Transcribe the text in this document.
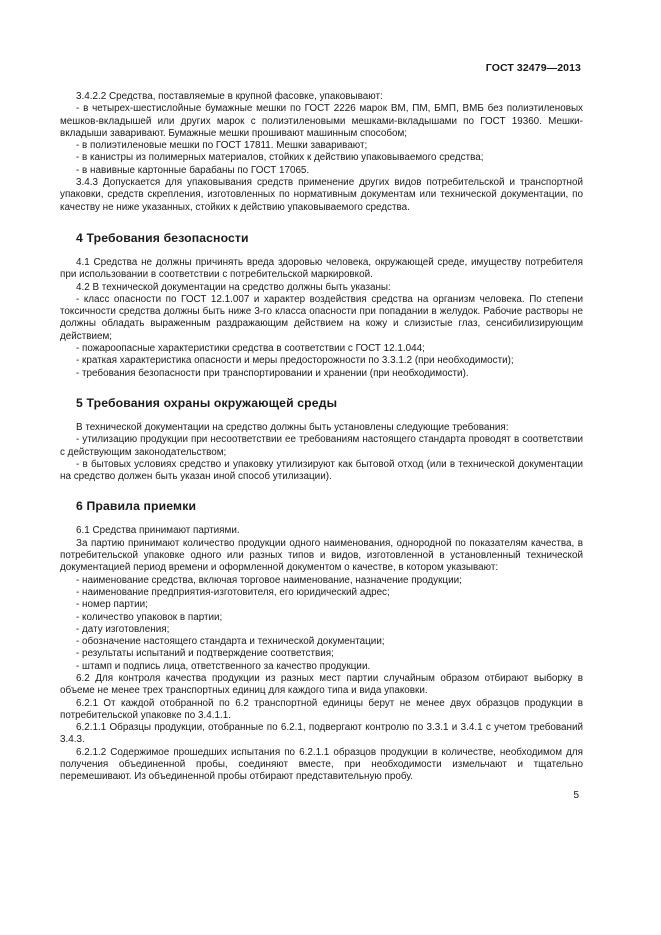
ГОСТ 32479—2013

3.4.2.2 Средства, поставляемые в крупной фасовке, упаковывают:

- в четырех-шестислойные бумажные мешки по ГОСТ 2226 марок ВМ, ПМ, БМП, ВМБ без полиэтиленовых мешков-вкладышей или других марок с полиэтиленовыми мешками-вкладышами по ГОСТ 19360. Мешки-вкладыши заваривают. Бумажные мешки прошивают машинным способом;

- в полиэтиленовые мешки по ГОСТ 17811. Мешки заваривают;

- в канистры из полимерных материалов, стойких к действию упаковываемого средства;

- в навивные картонные барабаны по ГОСТ 17065.

3.4.3 Допускается для упаковывания средств применение других видов потребительской и транспортной упаковки, средств скрепления, изготовленных по нормативным документам или технической документации, по качеству не ниже указанных, стойких к действию упаковываемого средства.

4 Требования безопасности

4.1 Средства не должны причинять вреда здоровью человека, окружающей среде, имуществу потребителя при использовании в соответствии с потребительской маркировкой.

4.2 В технической документации на средство должны быть указаны:

- класс опасности по ГОСТ 12.1.007 и характер воздействия средства на организм человека. По степени токсичности средства должны быть ниже 3-го класса опасности при попадании в желудок. Рабочие растворы не должны обладать выраженным раздражающим действием на кожу и слизистые глаз, сенсибилизирующим действием;

- пожароопасные характеристики средства в соответствии с ГОСТ 12.1.044;

- краткая характеристика опасности и меры предосторожности по 3.3.1.2 (при необходимости);

- требования безопасности при транспортировании и хранении (при необходимости).

5 Требования охраны окружающей среды

В технической документации на средство должны быть установлены следующие требования:

- утилизацию продукции при несоответствии ее требованиям настоящего стандарта проводят в соответствии с действующим законодательством;

- в бытовых условиях средство и упаковку утилизируют как бытовой отход (или в технической документации на средство должен быть указан иной способ утилизации).

6 Правила приемки

6.1 Средства принимают партиями.

За партию принимают количество продукции одного наименования, однородной по показателям качества, в потребительской упаковке одного или разных типов и видов, изготовленной в установленный технической документацией период времени и оформленной документом о качестве, в котором указывают:

- наименование средства, включая торговое наименование, назначение продукции;

- наименование предприятия-изготовителя, его юридический адрес;

- номер партии;

- количество упаковок в партии;

- дату изготовления;

- обозначение настоящего стандарта и технической документации;

- результаты испытаний и подтверждение соответствия;

- штамп и подпись лица, ответственного за качество продукции.

6.2 Для контроля качества продукции из разных мест партии случайным образом отбирают выборку в объеме не менее трех транспортных единиц для каждого типа и вида упаковки.

6.2.1 От каждой отобранной по 6.2 транспортной единицы берут не менее двух образцов продукции в потребительской упаковке по 3.4.1.1.

6.2.1.1 Образцы продукции, отобранные по 6.2.1, подвергают контролю по 3.3.1 и 3.4.1 с учетом требований 3.4.3.

6.2.1.2 Содержимое прошедших испытания по 6.2.1.1 образцов продукции в количестве, необходимом для получения объединенной пробы, соединяют вместе, при необходимости измельчают и тщательно перемешивают. Из объединенной пробы отбирают представительную пробу.

5
